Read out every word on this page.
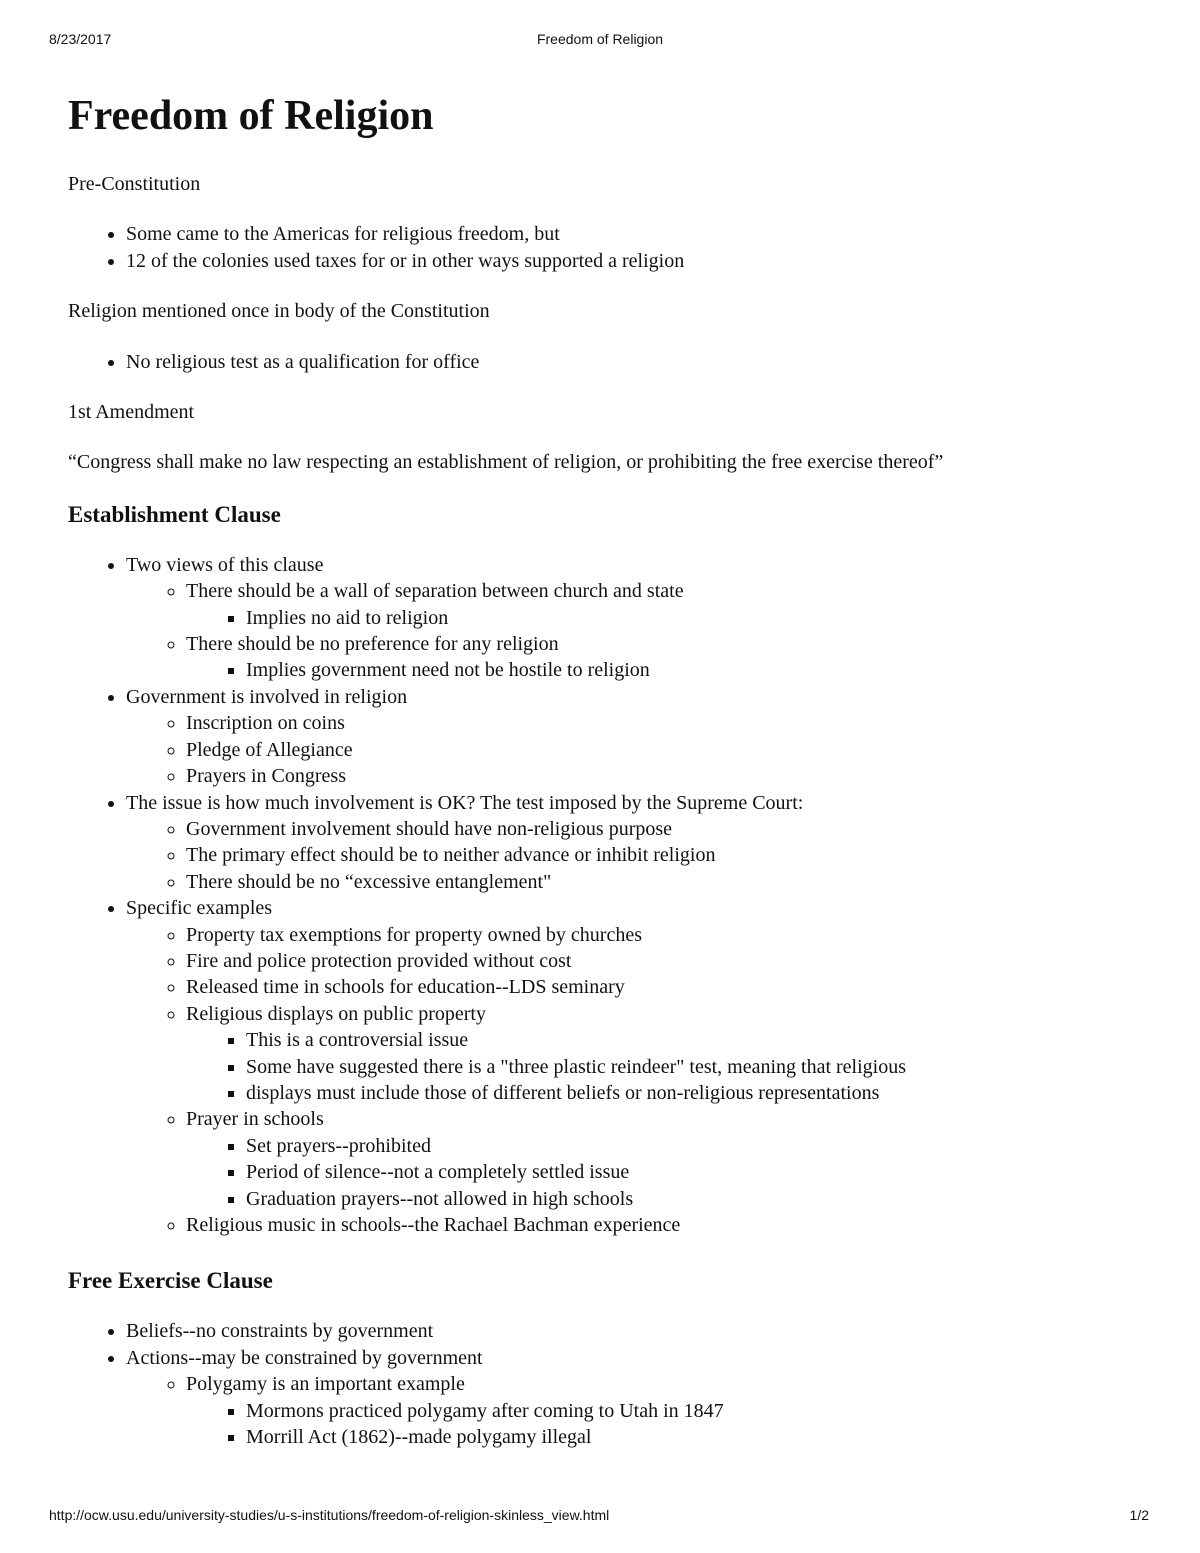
8/23/2017	Freedom of Religion
Freedom of Religion

Pre-Constitution

• Some came to the Americas for religious freedom, but
• 12 of the colonies used taxes for or in other ways supported a religion

Religion mentioned once in body of the Constitution

• No religious test as a qualification for office

1st Amendment

“Congress shall make no law respecting an establishment of religion, or prohibiting the free exercise thereof”

Establishment Clause
• Two views of this clause
◦ There should be a wall of separation between church and state
▪ Implies no aid to religion
◦ There should be no preference for any religion
▪ Implies government need not be hostile to religion
• Government is involved in religion
◦ Inscription on coins
◦ Pledge of Allegiance
◦ Prayers in Congress
• The issue is how much involvement is OK? The test imposed by the Supreme Court:
◦ Government involvement should have non-religious purpose
◦ The primary effect should be to neither advance or inhibit religion
◦ There should be no “excessive entanglement"
• Specific examples
◦ Property tax exemptions for property owned by churches
◦ Fire and police protection provided without cost
◦ Released time in schools for education--LDS seminary
◦ Religious displays on public property
▪ This is a controversial issue
▪ Some have suggested there is a "three plastic reindeer" test, meaning that religious
▪ displays must include those of different beliefs or non-religious representations
◦ Prayer in schools
▪ Set prayers--prohibited
▪ Period of silence--not a completely settled issue
▪ Graduation prayers--not allowed in high schools
◦ Religious music in schools--the Rachael Bachman experience
Free Exercise Clause
• Beliefs--no constraints by government
• Actions--may be constrained by government
◦ Polygamy is an important example
▪ Mormons practiced polygamy after coming to Utah in 1847
▪ Morrill Act (1862)--made polygamy illegal
http://ocw.usu.edu/university-studies/u-s-institutions/freedom-of-religion-skinless_view.html	1/2
